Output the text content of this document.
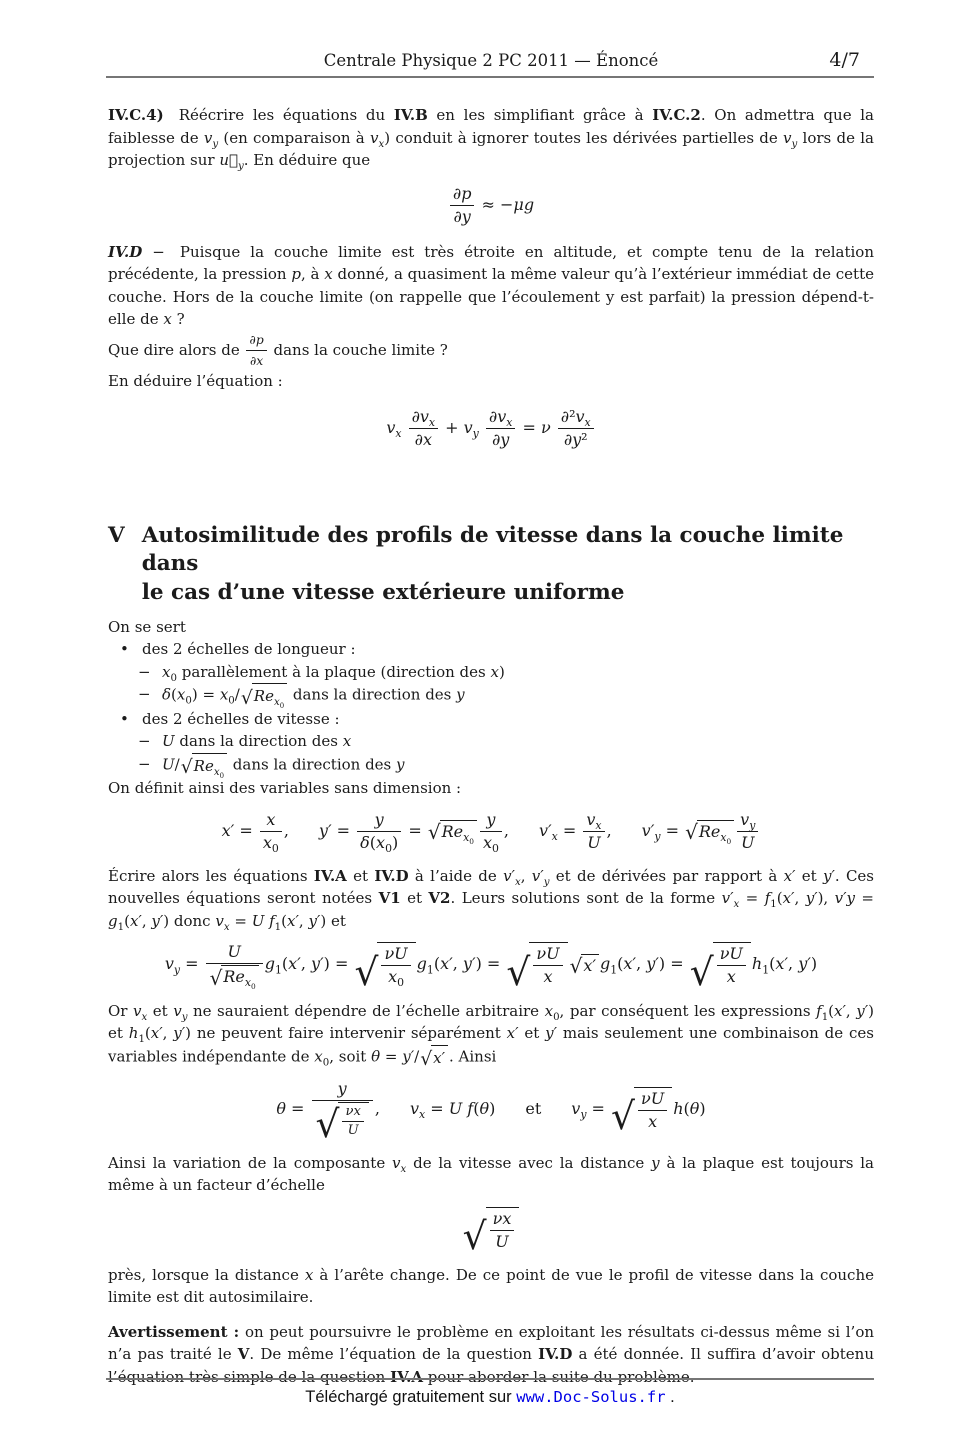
Centrale Physique 2 PC 2011 — Énoncé	4/7

IV.C.4)  Réécrire les équations du IV.B en les simplifiant grâce à IV.C.2. On admettra que la faiblesse de $v_y$ (en comparaison à $v_x$) conduit à ignorer toutes les dérivées partielles de $v_y$ lors de la projection sur $u⃗_y$. En déduire que

$\frac{\partial p}{\partial y} \approx -\mu g$

IV.D −  Puisque la couche limite est très étroite en altitude, et compte tenu de la relation précédente, la pression p, à x donné, a quasiment la même valeur qu’à l’extérieur immédiat de cette couche. Hors de la couche limite (on rappelle que l’écoulement y est parfait) la pression dépend-t-elle de x ?

Que dire alors de $\frac{\partial p}{\partial x}$ dans la couche limite ?

En déduire l’équation :

$v_x \frac{\partial v_x}{\partial x} + v_y \frac{\partial v_x}{\partial y} = \nu \frac{\partial^2v_x}{\text{∂y²}}$
V Autosimilitude des profils de vitesse dans la couche limite dans
le cas d’une vitesse extérieure uniforme

On se sert

• des 2 échelles de longueur :
− $x_0$ parallèlement à la plaque (direction des x)
− $\delta(x_0) = x_0/$ √ $Re_{x_0}$
dans la direction des y
• des 2 échelles de vitesse :
− U dans la direction des x
− U/ √ $Re_{x_0}$
dans la direction des y

On définit ainsi des variables sans dimension :

$x' = \frac{x}{x_0}$ , $y' = \frac{y}{\delta(x_0)}$ = √ $Re_{x_0} \frac{y}{x_0}$ , $v'_x = \frac{v_x}{U}$ , $v'_y$ = √ $Re_{x_0} \frac{v_y}{U}$

Écrire alors les équations IV.A et IV.D à l’aide de $v'_x$, $v'_y$ et de dérivées par rapport à x′ et y′. Ces nouvelles équations seront notées V1 et V2. Leurs solutions sont de la forme $v'_x = f_1(x'$, y′), $v'y = g_1(x'$, y′) donc $v_x = U$ $f_1(x'$, y′) et

$v_y = \frac{U}{√ Re_{x_0}} g_1(x'$, y′) = √ $\frac{\nu U}{x_0} g_1(x'$, y′) = √ $\frac{\nu U}{x}$ √ x′ $g_1(x'$, y′) = √ $\frac{\nu U}{x} h_1(x'$, y′)

Or $v_x$ et $v_y$ ne sauraient dépendre de l’échelle arbitraire $x_0$, par conséquent les expressions $f_1(x'$, y′) et $h_1(x'$, y′) ne peuvent faire intervenir séparément x′ et y′ mais seulement une combinaison de ces variables indépendante de $x_0$, soit θ = y′/ √ x′ . Ainsi

$\theta = \frac{y}{√ \frac{\nu x}{U}}$ , $v_x = U$ f(θ) et $v_y$ = √ $\frac{\nu U}{x} h(\theta)$

Ainsi la variation de la composante $v_x$ de la vitesse avec la distance y à la plaque est toujours la même à un facteur d’échelle

√ $\frac{\nu x}{U}$

près, lorsque la distance x à l’arête change. De ce point de vue le profil de vitesse dans la couche limite est dit autosimilaire.

Avertissement : on peut poursuivre le problème en exploitant les résultats ci-dessus même si l’on n’a pas traité le V. De même l’équation de la question IV.D a été donnée. Il suffira d’avoir obtenu l’équation très simple de la question IV.A pour aborder la suite du problème.

Téléchargé gratuitement sur www.Doc-Solus.fr .
